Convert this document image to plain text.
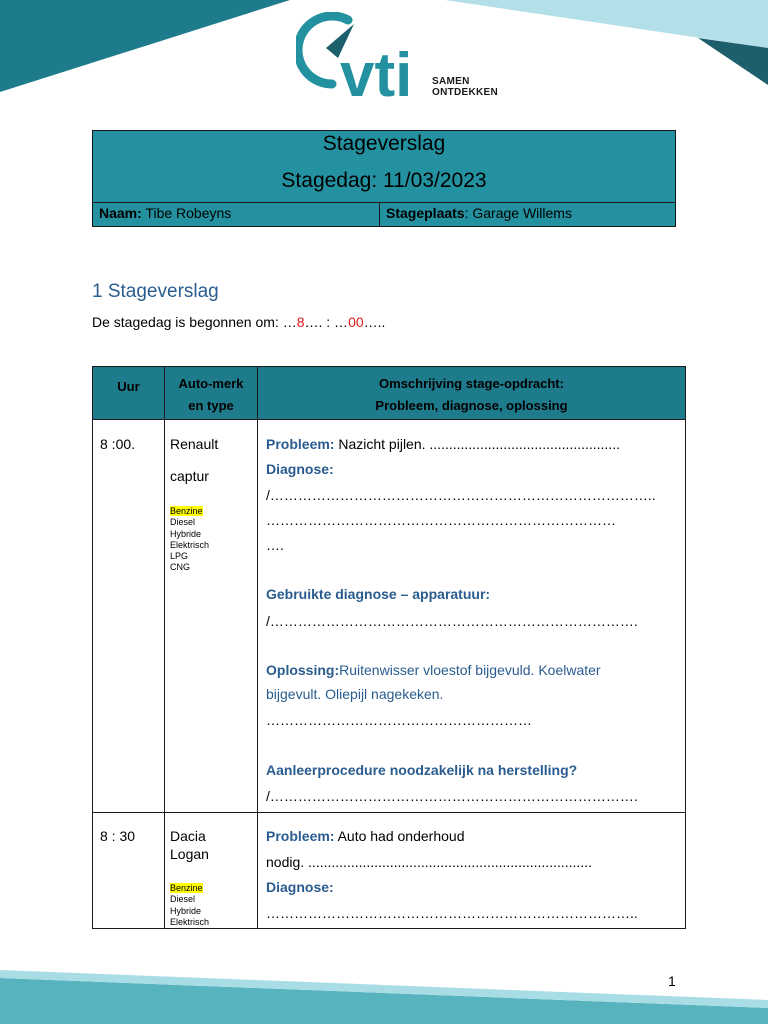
vti SAMEN
ONTDEKKEN
Stageverslag
Stagedag: 11/03/2023
Naam: Tibe Robeyns	Stageplaats: Garage Willems
1 Stageverslag
De stagedag is begonnen om: …8…. : …00…..
Uur	Auto-merk
en type
Omschrijving stage-opdracht:
Probleem, diagnose, oplossing
8 :00. Renault
captur
Benzine
Diesel
Hybride
Elektrisch
LPG
CNG
Probleem: Nazicht pijlen. .................................................
Diagnose:
/………………………………………………………………………..
…………………………………………………………………
….
Gebruikte diagnose – apparatuur:
/…………………………………………………………………….
Oplossing:Ruitenwisser vloestof bijgevuld. Koelwater
bijgevult. Oliepijl nagekeken.
…………………………………………………
Aanleerprocedure noodzakelijk na herstelling?
/…………………………………………………………………….
8 : 30 Dacia
Logan
Benzine
Diesel
Hybride
Elektrisch
Probleem: Auto had onderhoud
nodig. .........................................................................
Diagnose:
……………………………………………………………………..
1
